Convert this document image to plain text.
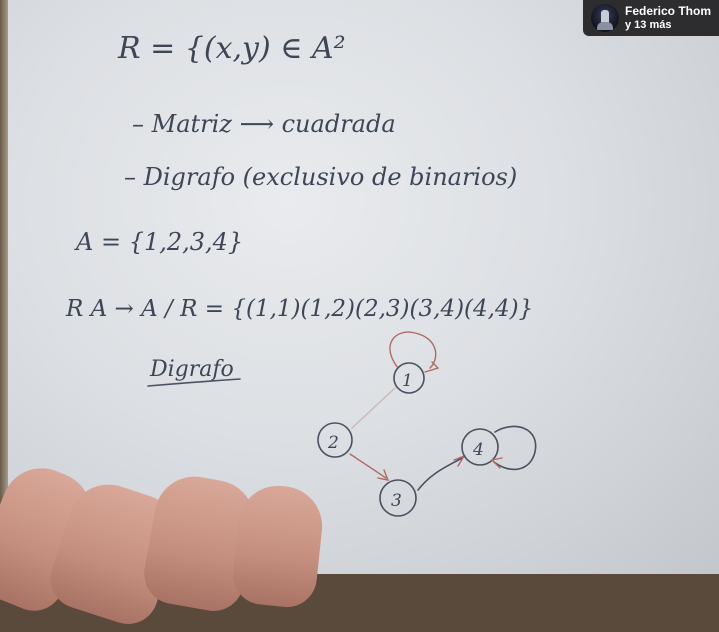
R = {(x,y) ∈ A²
– Matriz ⟶ cuadrada
– Digrafo (exclusivo de binarios)
A = {1,2,3,4}
R A → A / R = {(1,1)(1,2)(2,3)(3,4)(4,4)}
Digrafo	1
2
3
4
Federico Thom
y 13 más
